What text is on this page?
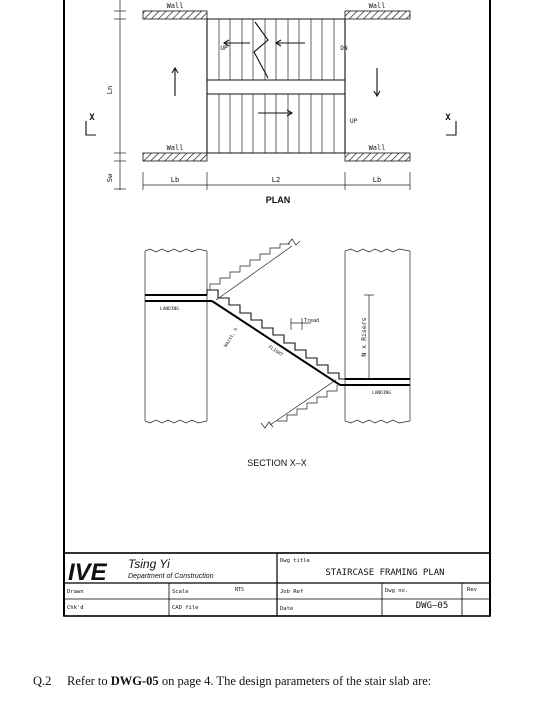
Wall	Wall
Wall	Wall
UP	DN
UP
Ln
Sw	Lb	L2	Lb
X	X
PLAN
Tread	N x Risers
LANDING
LANDING
Waist, h
FLIGHT
SECTION X–X
IVE Tsing Yi
Department of Construction
Dwg title
STAIRCASE FRAMING PLAN
Drawn	Scale	NTS	Job Ref	Dwg no.	Rev
Chk'd	CAD file	Date	DWG–05
Q.2 Refer to DWG-05 on page 4. The design parameters of the stair slab are:
